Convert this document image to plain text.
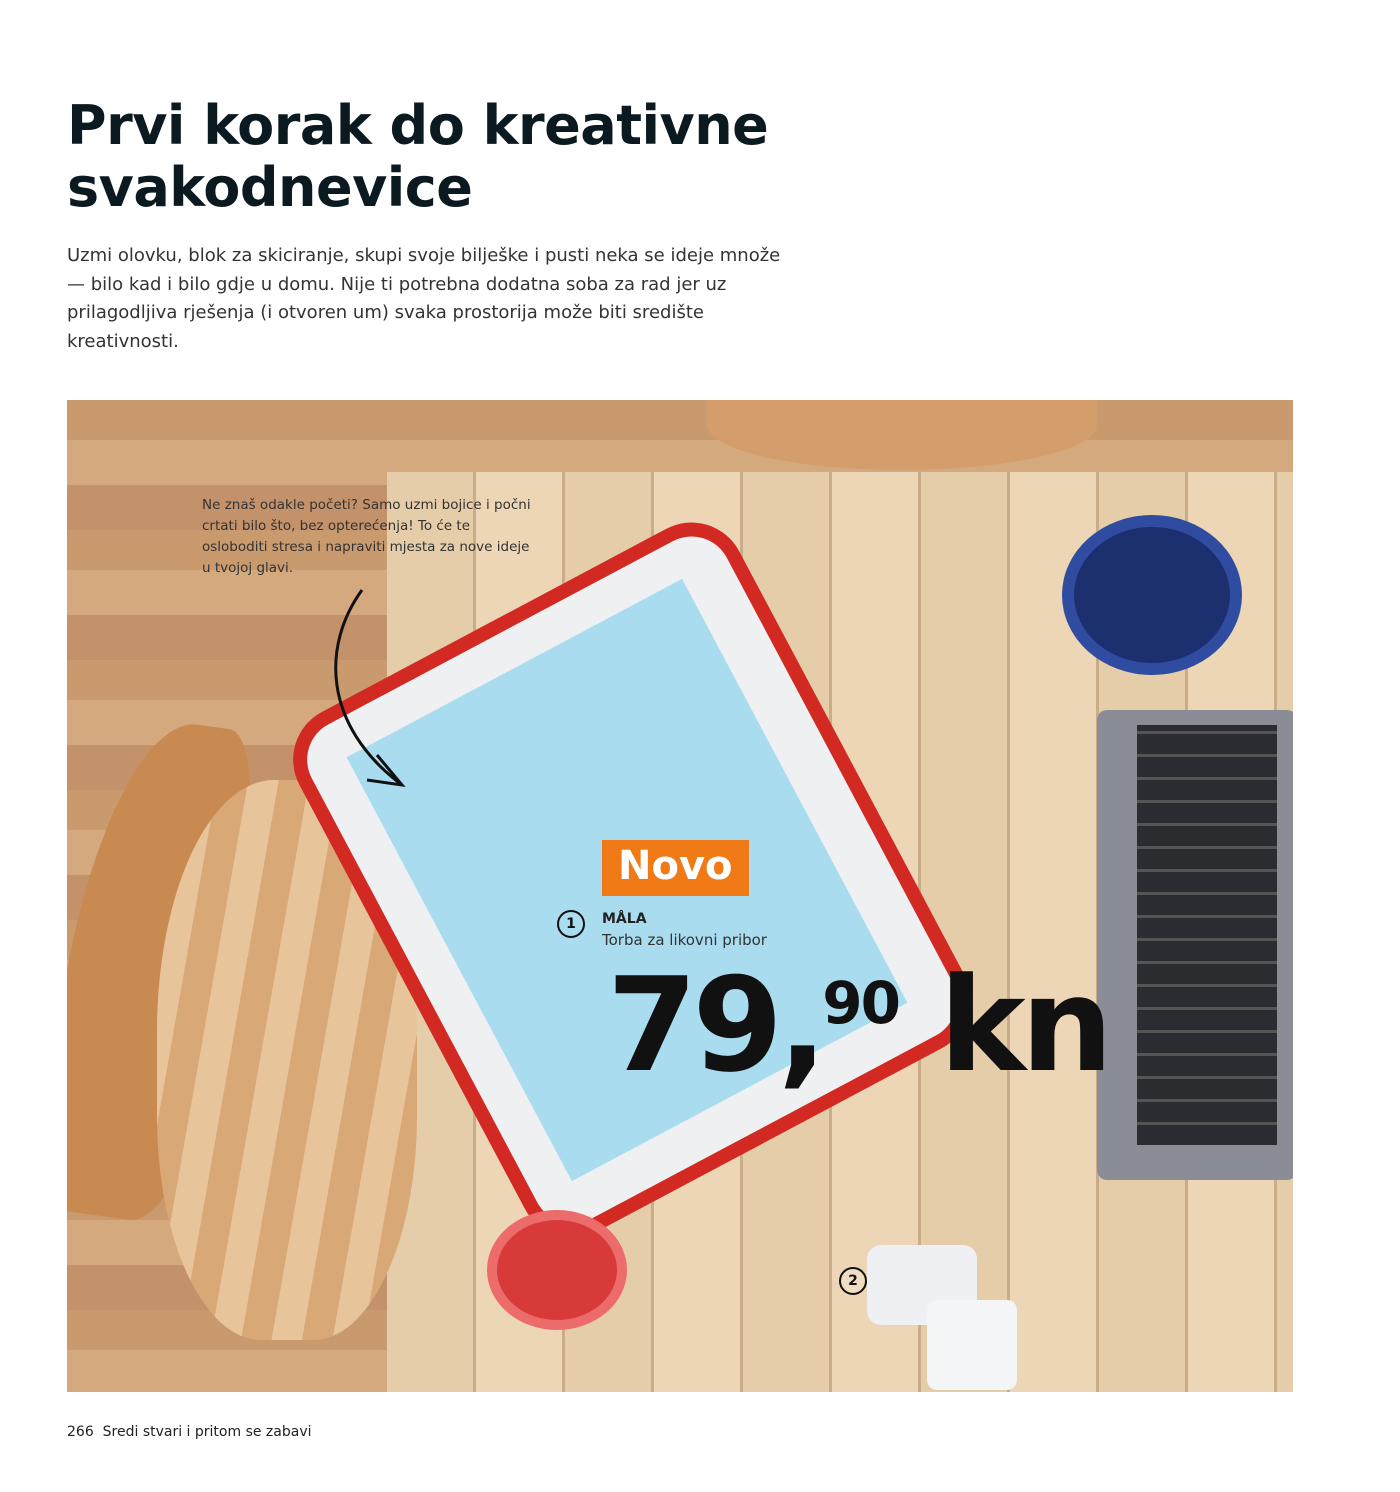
Prvi korak do kreativne
svakodnevice

Uzmi olovku, blok za skiciranje, skupi svoje bilješke i pusti neka se ideje množe — bilo kad i bilo gdje u domu. Nije ti potrebna dodatna soba za rad jer uz prilagodljiva rješenja (i otvoren um) svaka prostorija može biti središte kreativnosti.

Ne znaš odakle početi? Samo uzmi bojice i počni crtati bilo što, bez opterećenja! To će te osloboditi stresa i napraviti mjesta za nove ideje u tvojoj glavi.

Novo
1	MÅLA
Torba za likovni pribor
79,90 kn
2
266 Sredi stvari i pritom se zabavi
